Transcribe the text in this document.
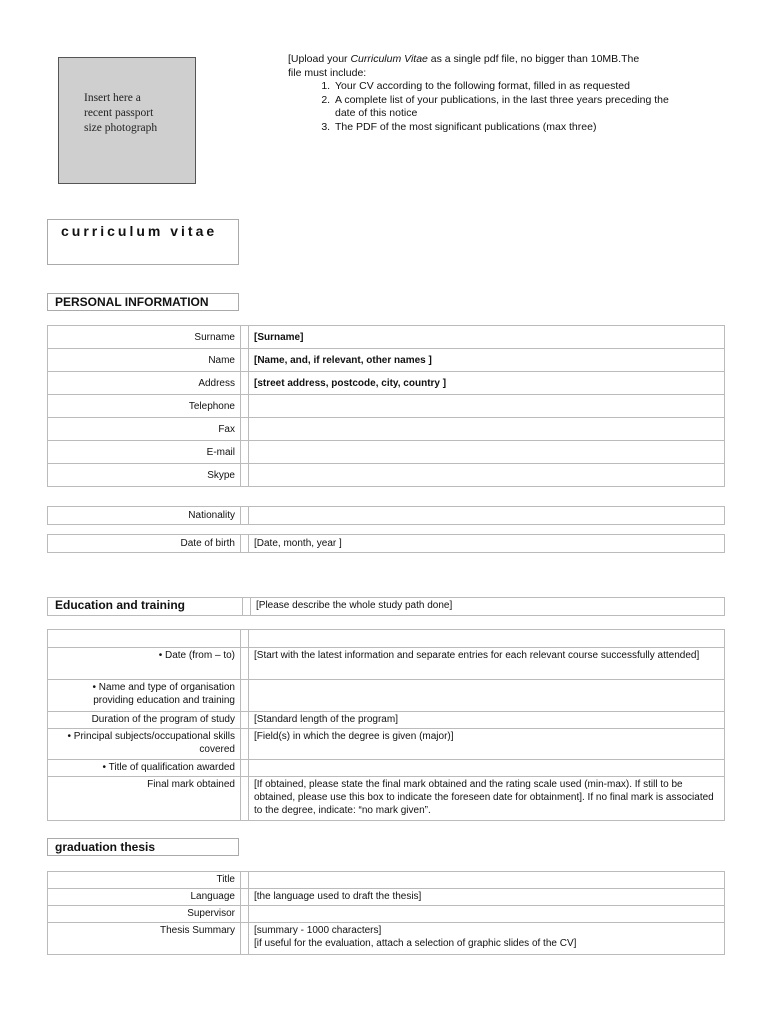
Insert here a
recent passport
size photograph
[Upload your Curriculum Vitae as a single pdf file, no bigger than 10MB.The
file must include:
1. Your CV according to the following format, filled in as requested
2. A complete list of your publications, in the last three years preceding the date of this notice
3. The PDF of the most significant publications (max three)
curriculum vitae
PERSONAL INFORMATION
Surname		[Surname]
Name		[Name, and, if relevant, other names ]
Address		[street address, postcode, city, country ]
Telephone		
Fax		
E-mail		
Skype		
Nationality		
Date of birth		[Date, month, year ]
Education and training		[Please describe the whole study path done]

• Date (from – to)		[Start with the latest information and separate entries for each relevant course successfully attended]
• Name and type of organisation providing education and training		
Duration of the program of study		[Standard length of the program]
• Principal subjects/occupational skills covered		[Field(s) in which the degree is given (major)]
• Title of qualification awarded		
Final mark obtained		[If obtained, please state the final mark obtained and the rating scale used (min-max). If still to be obtained, please use this box to indicate the foreseen date for obtainment]. If no final mark is associated to the degree, indicate: “no mark given”.
graduation thesis
Title		
Language		[the language used to draft the thesis]
Supervisor		
Thesis Summary		[summary - 1000 characters]
[if useful for the evaluation, attach a selection of graphic slides of the CV]
